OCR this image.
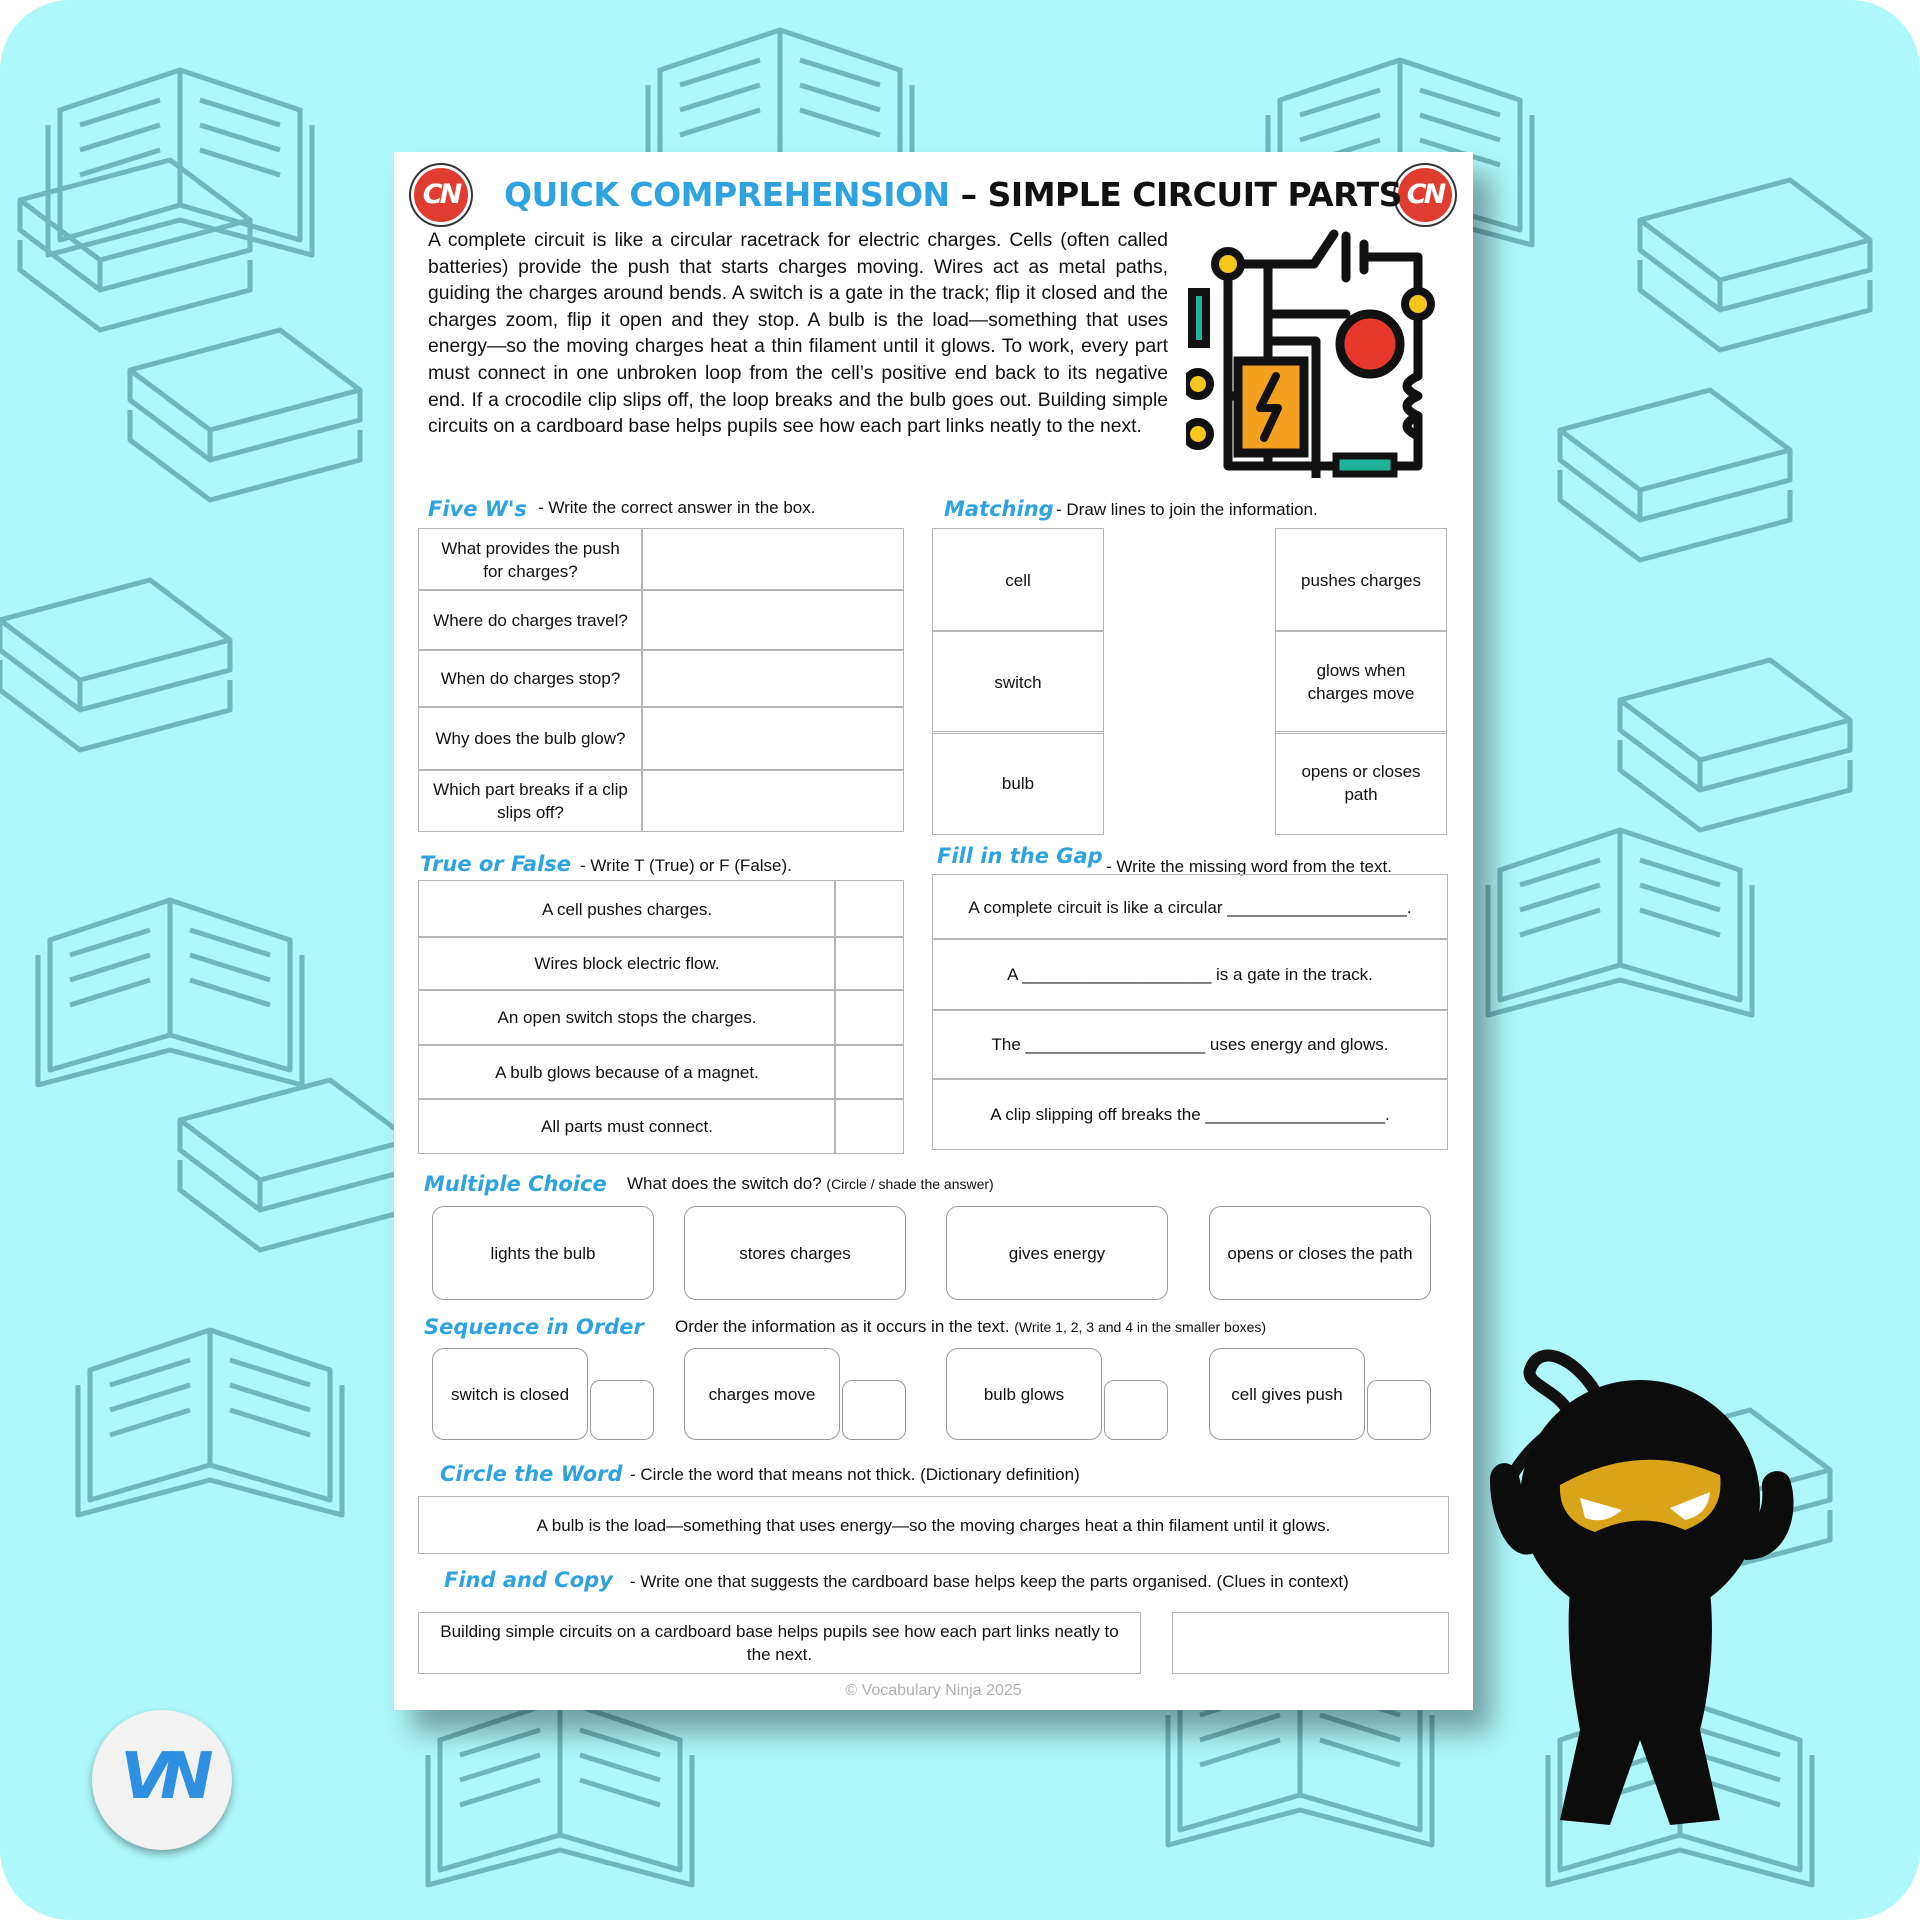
CN	CN
QUICK COMPREHENSION – SIMPLE CIRCUIT PARTS
A complete circuit is like a circular racetrack for electric charges. Cells (often called batteries) provide the push that starts charges moving. Wires act as metal paths, guiding the charges around bends. A switch is a gate in the track; flip it closed and the charges zoom, flip it open and they stop. A bulb is the load—something that uses energy—so the moving charges heat a thin filament until it glows. To work, every part must connect in one unbroken loop from the cell’s positive end back to its negative end. If a crocodile clip slips off, the loop breaks and the bulb goes out. Building simple circuits on a cardboard base helps pupils see how each part links neatly to the next.
Five W's - Write the correct answer in the box.
What provides the push for charges?
Where do charges travel?
When do charges stop?
Why does the bulb glow?
Which part breaks if a clip slips off?
Matching - Draw lines to join the information.
cell
switch
bulb
pushes charges
glows when charges move
opens or closes path
True or False - Write T (True) or F (False).
A cell pushes charges.
Wires block electric flow.
An open switch stops the charges.
A bulb glows because of a magnet.
All parts must connect.
Fill in the Gap - Write the missing word from the text.
A complete circuit is like a circular ___________________.
A ____________________ is a gate in the track.
The ___________________ uses energy and glows.
A clip slipping off breaks the ___________________.
Multiple Choice What does the switch do? (Circle / shade the answer)
lights the bulb	stores charges	gives energy	opens or closes the path
Sequence in Order Order the information as it occurs in the text. (Write 1, 2, 3 and 4 in the smaller boxes)
switch is closed	charges move	bulb glows	cell gives push
Circle the Word - Circle the word that means not thick. (Dictionary definition)
A bulb is the load—something that uses energy—so the moving charges heat a thin filament until it glows.
Find and Copy - Write one that suggests the cardboard base helps keep the parts organised. (Clues in context)
Building simple circuits on a cardboard base helps pupils see how each part links neatly to the next.
© Vocabulary Ninja 2025
VN
